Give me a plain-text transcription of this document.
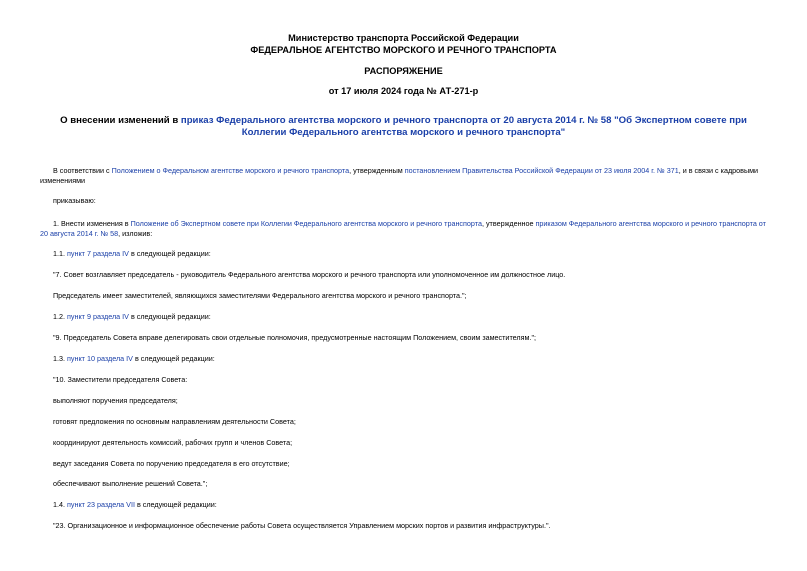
Министерство транспорта Российской Федерации
ФЕДЕРАЛЬНОЕ АГЕНТСТВО МОРСКОГО И РЕЧНОГО ТРАНСПОРТА
РАСПОРЯЖЕНИЕ
от 17 июля 2024 года № АТ-271-р
О внесении изменений в приказ Федерального агентства морского и речного транспорта от 20 августа 2014 г. № 58 "Об Экспертном совете при Коллегии Федерального агентства морского и речного транспорта"
В соответствии с Положением о Федеральном агентстве морского и речного транспорта, утвержденным постановлением Правительства Российской Федерации от 23 июля 2004 г. № 371, и в связи с кадровыми изменениями
приказываю:
1. Внести изменения в Положение об Экспертном совете при Коллегии Федерального агентства морского и речного транспорта, утвержденное приказом Федерального агентства морского и речного транспорта от 20 августа 2014 г. № 58, изложив:
1.1. пункт 7 раздела IV в следующей редакции:
"7. Совет возглавляет председатель - руководитель Федерального агентства морского и речного транспорта или уполномоченное им должностное лицо.
Председатель имеет заместителей, являющихся заместителями Федерального агентства морского и речного транспорта.";
1.2. пункт 9 раздела IV в следующей редакции:
"9. Председатель Совета вправе делегировать свои отдельные полномочия, предусмотренные настоящим Положением, своим заместителям.";
1.3. пункт 10 раздела IV в следующей редакции:
"10. Заместители председателя Совета:
выполняют поручения председателя;
готовят предложения по основным направлениям деятельности Совета;
координируют деятельность комиссий, рабочих групп и членов Совета;
ведут заседания Совета по поручению председателя в его отсутствие;
обеспечивают выполнение решений Совета.";
1.4. пункт 23 раздела VII в следующей редакции:
"23. Организационное и информационное обеспечение работы Совета осуществляется Управлением морских портов и развития инфраструктуры.".
